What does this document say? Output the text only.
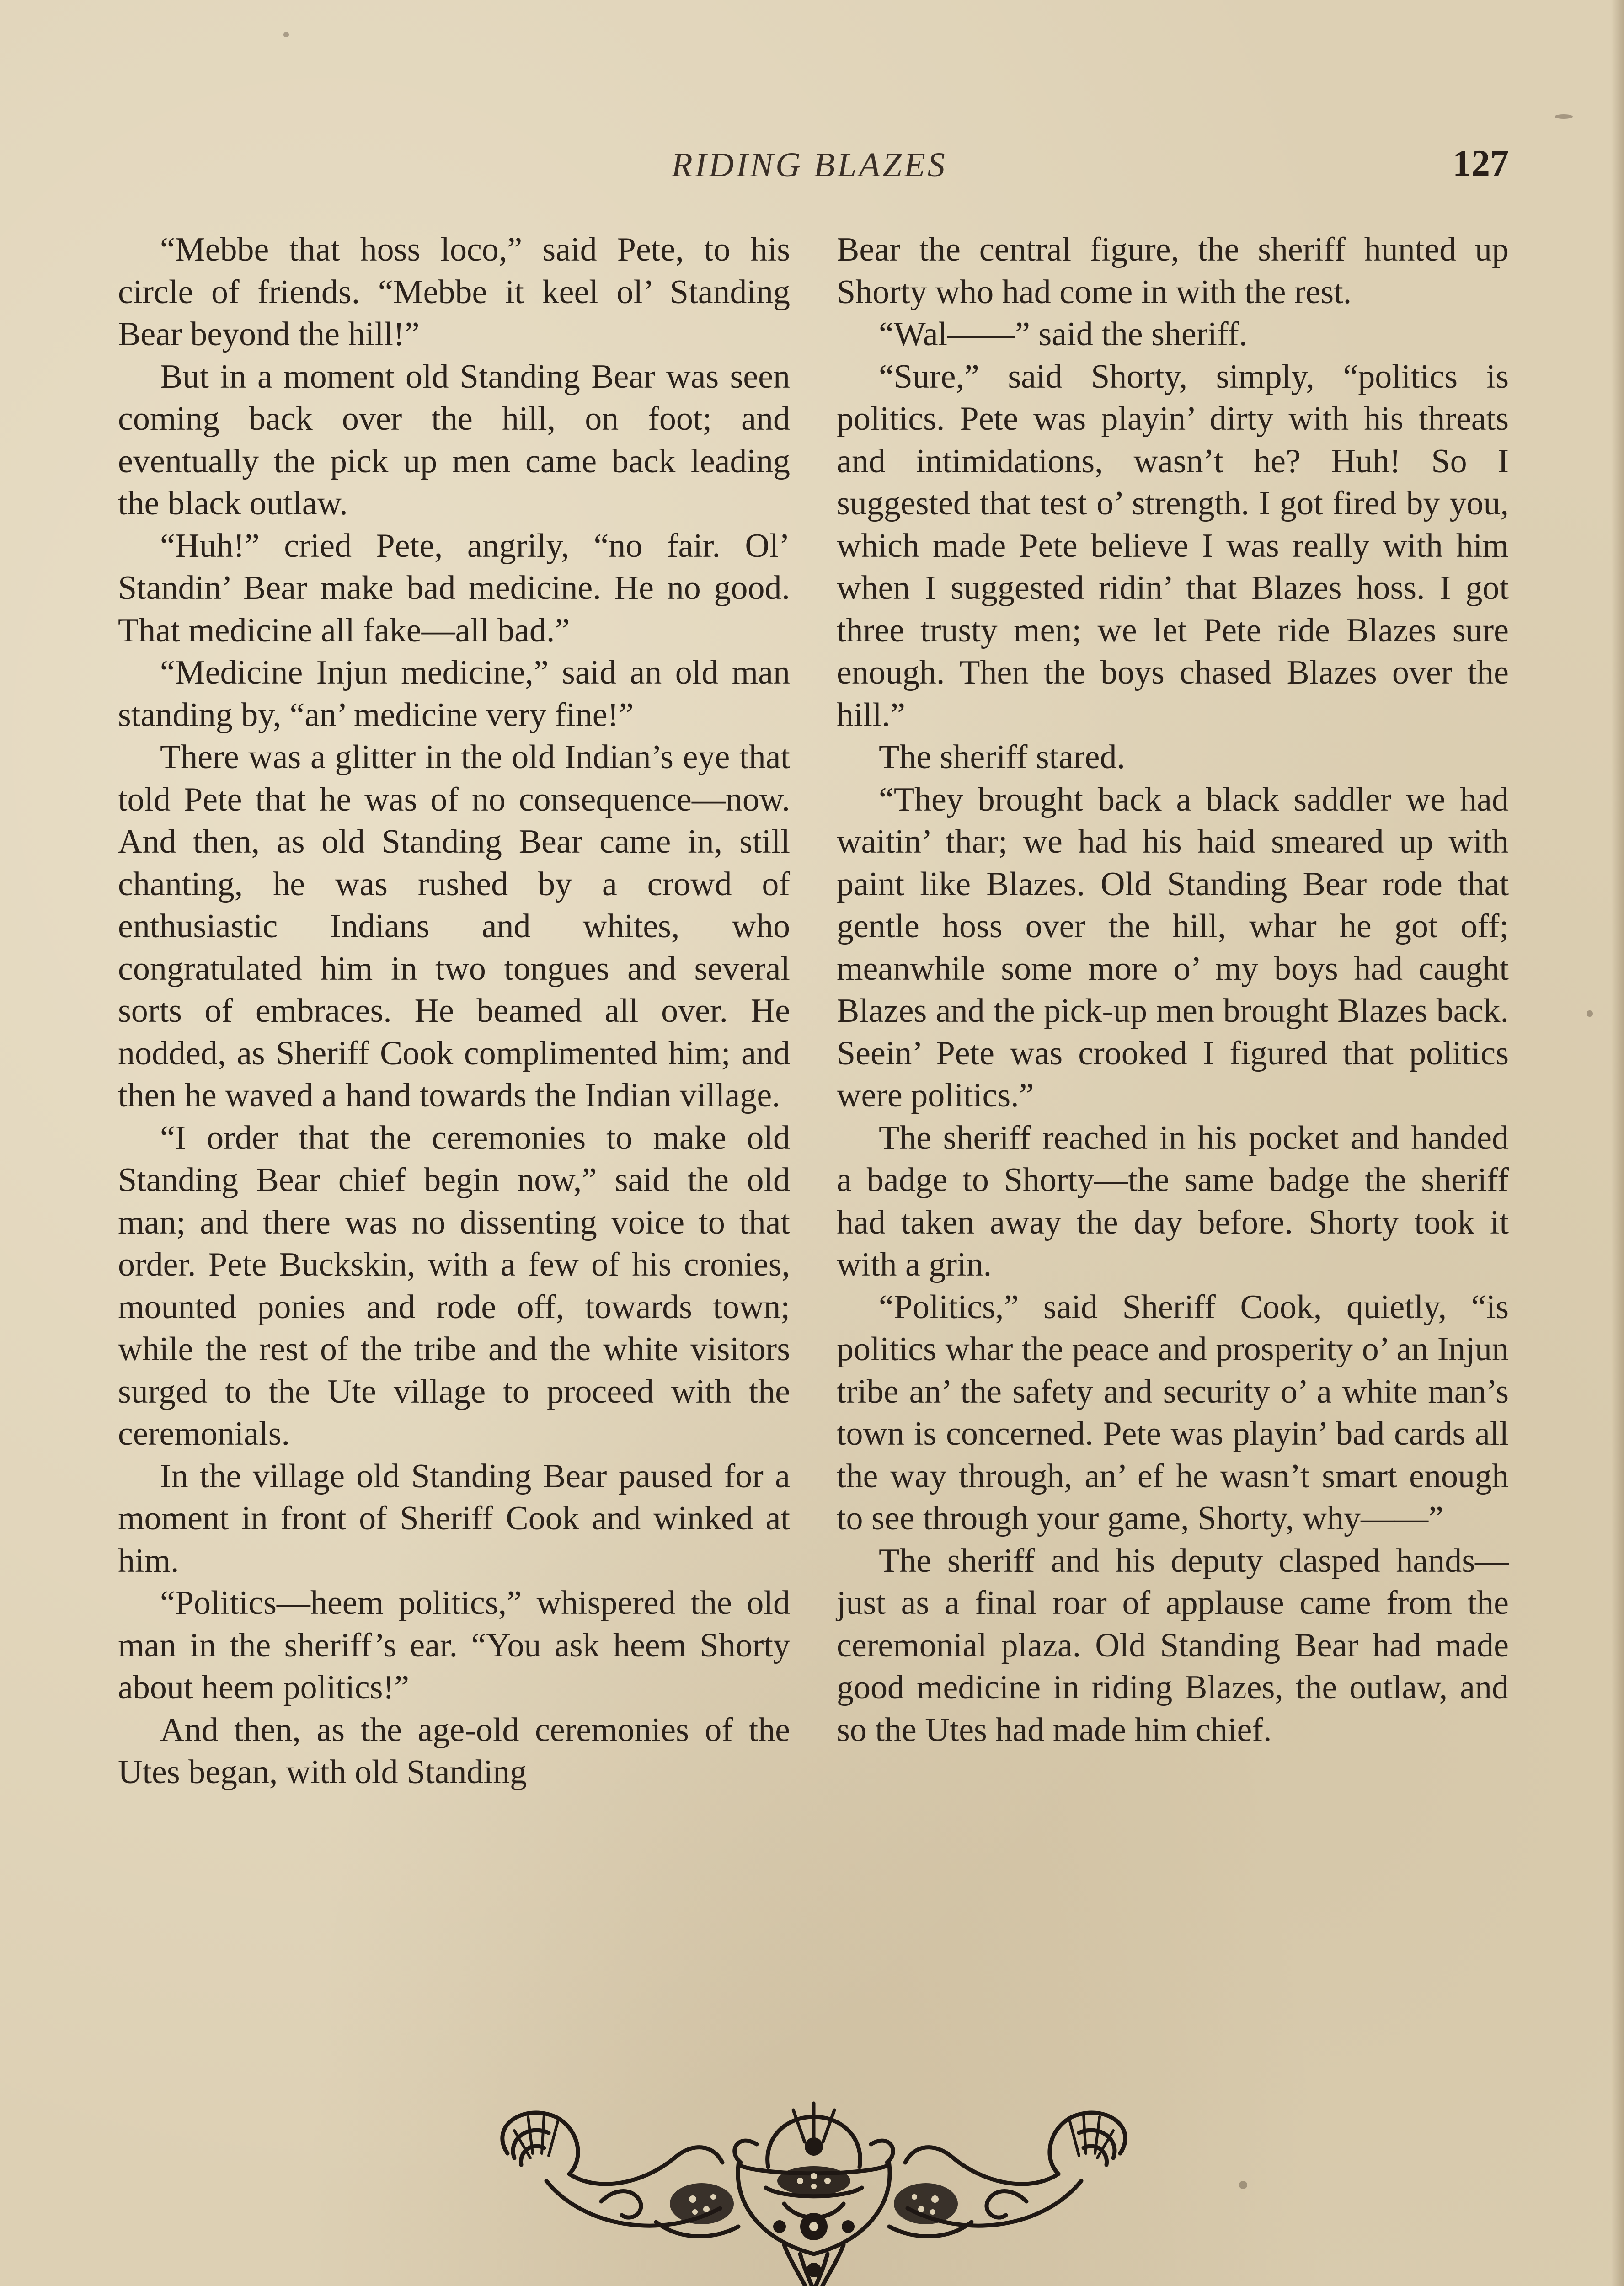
RIDING BLAZES	127

“Mebbe that hoss loco,” said Pete, to his circle of friends. “Mebbe it keel ol’ Standing Bear beyond the hill!”

But in a moment old Standing Bear was seen coming back over the hill, on foot; and eventually the pick up men came back leading the black outlaw.

“Huh!” cried Pete, angrily, “no fair. Ol’ Standin’ Bear make bad medicine. He no good. That medicine all fake—all bad.”

“Medicine Injun medicine,” said an old man standing by, “an’ medicine very fine!”

There was a glitter in the old Indian’s eye that told Pete that he was of no consequence—now. And then, as old Standing Bear came in, still chanting, he was rushed by a crowd of enthusiastic Indians and whites, who congratulated him in two tongues and several sorts of embraces. He beamed all over. He nodded, as Sheriff Cook complimented him; and then he waved a hand towards the Indian village.

“I order that the ceremonies to make old Standing Bear chief begin now,” said the old man; and there was no dissenting voice to that order. Pete Buckskin, with a few of his cronies, mounted ponies and rode off, towards town; while the rest of the tribe and the white visitors surged to the Ute village to proceed with the ceremonials.

In the village old Standing Bear paused for a moment in front of Sheriff Cook and winked at him.

“Politics—heem politics,” whispered the old man in the sheriff’s ear. “You ask heem Shorty about heem politics!”

And then, as the age-old ceremonies of the Utes began, with old Standing

Bear the central figure, the sheriff hunted up Shorty who had come in with the rest.

“Wal——” said the sheriff.

“Sure,” said Shorty, simply, “politics is politics. Pete was playin’ dirty with his threats and intimidations, wasn’t he? Huh! So I suggested that test o’ strength. I got fired by you, which made Pete believe I was really with him when I suggested ridin’ that Blazes hoss. I got three trusty men; we let Pete ride Blazes sure enough. Then the boys chased Blazes over the hill.”

The sheriff stared.

“They brought back a black saddler we had waitin’ thar; we had his haid smeared up with paint like Blazes. Old Standing Bear rode that gentle hoss over the hill, whar he got off; meanwhile some more o’ my boys had caught Blazes and the pick-up men brought Blazes back. Seein’ Pete was crooked I figured that politics were politics.”

The sheriff reached in his pocket and handed a badge to Shorty—the same badge the sheriff had taken away the day before. Shorty took it with a grin.

“Politics,” said Sheriff Cook, quietly, “is politics whar the peace and prosperity o’ an Injun tribe an’ the safety and security o’ a white man’s town is concerned. Pete was playin’ bad cards all the way through, an’ ef he wasn’t smart enough to see through your game, Shorty, why——”

The sheriff and his deputy clasped hands—just as a final roar of applause came from the ceremonial plaza. Old Standing Bear had made good medicine in riding Blazes, the outlaw, and so the Utes had made him chief.
